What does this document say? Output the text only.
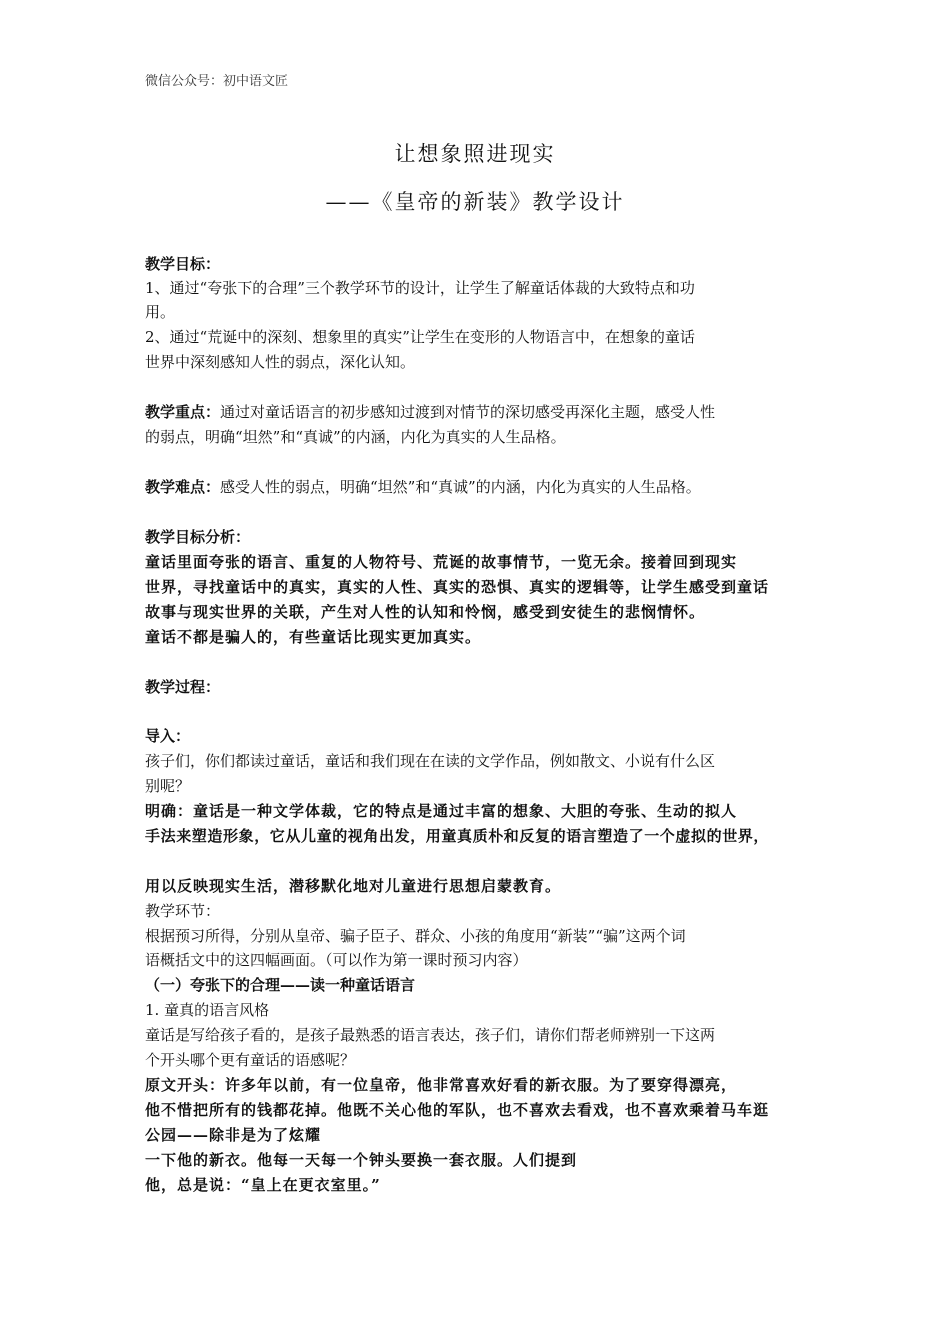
微信公众号：初中语文匠
让想象照进现实
——《皇帝的新装》教学设计
教学目标：
1、通过“夸张下的合理”三个教学环节的设计，让学生了解童话体裁的大致特点和功
用。
2、通过“荒诞中的深刻、想象里的真实”让学生在变形的人物语言中，在想象的童话
世界中深刻感知人性的弱点，深化认知。
教学重点：通过对童话语言的初步感知过渡到对情节的深切感受再深化主题，感受人性
的弱点，明确“坦然”和“真诚”的内涵，内化为真实的人生品格。
教学难点：感受人性的弱点，明确“坦然”和“真诚”的内涵，内化为真实的人生品格。
教学目标分析：
童话里面夸张的语言、重复的人物符号、荒诞的故事情节，一览无余。接着回到现实
世界，寻找童话中的真实，真实的人性、真实的恐惧、真实的逻辑等，让学生感受到童话
故事与现实世界的关联，产生对人性的认知和怜悯，感受到安徒生的悲悯情怀。
童话不都是骗人的，有些童话比现实更加真实。
教学过程：
导入：
孩子们，你们都读过童话，童话和我们现在在读的文学作品，例如散文、小说有什么区
别呢？
明确：童话是一种文学体裁，它的特点是通过丰富的想象、大胆的夸张、生动的拟人
手法来塑造形象，它从儿童的视角出发，用童真质朴和反复的语言塑造了一个虚拟的世界，
用以反映现实生活，潜移默化地对儿童进行思想启蒙教育。
教学环节：
根据预习所得，分别从皇帝、骗子臣子、群众、小孩的角度用“新装”“骗”这两个词
语概括文中的这四幅画面。（可以作为第一课时预习内容）
（一）夸张下的合理——读一种童话语言
1. 童真的语言风格
童话是写给孩子看的，是孩子最熟悉的语言表达，孩子们，请你们帮老师辨别一下这两
个开头哪个更有童话的语感呢？
原文开头：许多年以前，有一位皇帝，他非常喜欢好看的新衣服。为了要穿得漂亮，
他不惜把所有的钱都花掉。他既不关心他的军队，也不喜欢去看戏，也不喜欢乘着马车逛
公园——除非是为了炫耀
一下他的新衣。他每一天每一个钟头要换一套衣服。人们提到
他，总是说：“皇上在更衣室里。”
